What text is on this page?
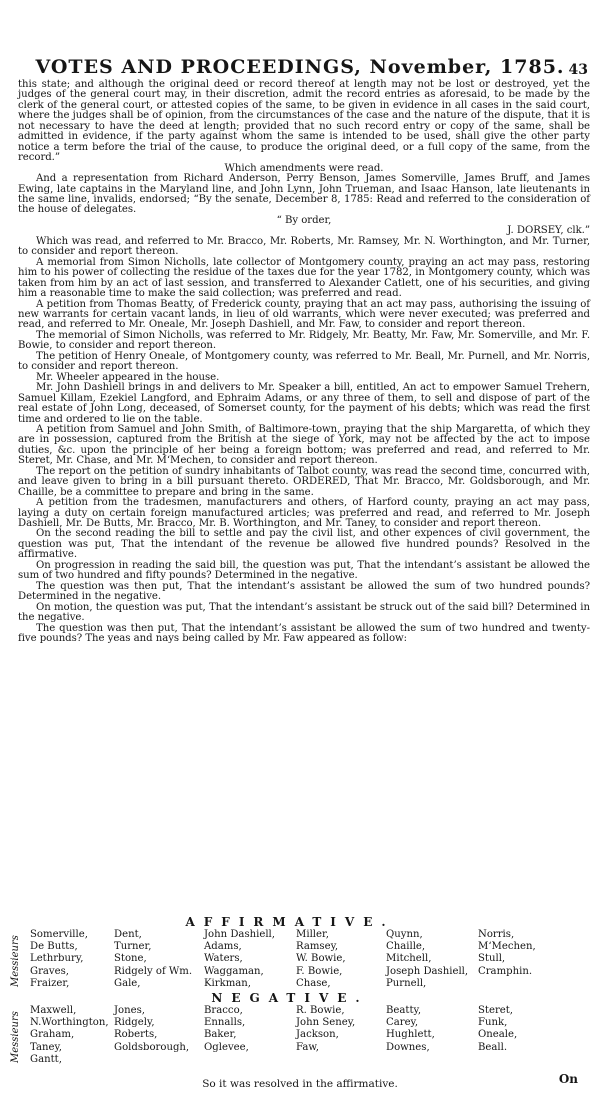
VOTES AND PROCEEDINGS, November, 1785. 43

this state; and although the original deed or record thereof at length may not be lost or destroyed, yet the judges of the general court may, in their discretion, admit the record entries as aforesaid, to be made by the clerk of the general court, or attested copies of the same, to be given in evidence in all cases in the said court, where the judges shall be of opinion, from the circumstances of the case and the nature of the dispute, that it is not necessary to have the deed at length; provided that no such record entry or copy of the same, shall be admitted in evidence, if the party against whom the same is intended to be used, shall give the other party notice a term before the trial of the cause, to produce the original deed, or a full copy of the same, from the record.”

Which amendments were read.

And a representation from Richard Anderson, Perry Benson, James Somerville, James Bruff, and James Ewing, late captains in the Maryland line, and John Lynn, John Trueman, and Isaac Hanson, late lieutenants in the same line, invalids, endorsed; “By the senate, December 8, 1785: Read and referred to the consideration of the house of delegates.

“ By order,

J. DORSEY, clk.”

Which was read, and referred to Mr. Bracco, Mr. Roberts, Mr. Ramsey, Mr. N. Worthington, and Mr. Turner, to consider and report thereon.

A memorial from Simon Nicholls, late collector of Montgomery county, praying an act may pass, restoring him to his power of collecting the residue of the taxes due for the year 1782, in Montgomery county, which was taken from him by an act of last session, and transferred to Alexander Catlett, one of his securities, and giving him a reasonable time to make the said collection; was preferred and read.

A petition from Thomas Beatty, of Frederick county, praying that an act may pass, authorising the issuing of new warrants for certain vacant lands, in lieu of old warrants, which were never executed; was preferred and read, and referred to Mr. Oneale, Mr. Joseph Dashiell, and Mr. Faw, to consider and report thereon.

The memorial of Simon Nicholls, was referred to Mr. Ridgely, Mr. Beatty, Mr. Faw, Mr. Somerville, and Mr. F. Bowie, to consider and report thereon.

The petition of Henry Oneale, of Montgomery county, was referred to Mr. Beall, Mr. Purnell, and Mr. Norris, to consider and report thereon.

Mr. Wheeler appeared in the house.

Mr. John Dashiell brings in and delivers to Mr. Speaker a bill, entitled, An act to empower Samuel Trehern, Samuel Killam, Ezekiel Langford, and Ephraim Adams, or any three of them, to sell and dispose of part of the real estate of John Long, deceased, of Somerset county, for the payment of his debts; which was read the first time and ordered to lie on the table.

A petition from Samuel and John Smith, of Baltimore-town, praying that the ship Margaretta, of which they are in possession, captured from the British at the siege of York, may not be affected by the act to impose duties, &c. upon the principle of her being a foreign bottom; was preferred and read, and referred to Mr. Steret, Mr. Chase, and Mr. M‘Mechen, to consider and report thereon.

The report on the petition of sundry inhabitants of Talbot county, was read the second time, concurred with, and leave given to bring in a bill pursuant thereto. ORDERED, That Mr. Bracco, Mr. Goldsborough, and Mr. Chaille, be a committee to prepare and bring in the same.

A petition from the tradesmen, manufacturers and others, of Harford county, praying an act may pass, laying a duty on certain foreign manufactured articles; was preferred and read, and referred to Mr. Joseph Dashiell, Mr. De Butts, Mr. Bracco, Mr. B. Worthington, and Mr. Taney, to consider and report thereon.

On the second reading the bill to settle and pay the civil list, and other expences of civil government, the question was put, That the intendant of the revenue be allowed five hundred pounds? Resolved in the affirmative.

On progression in reading the said bill, the question was put, That the intendant’s assistant be allowed the sum of two hundred and fifty pounds? Determined in the negative.

The question was then put, That the intendant’s assistant be allowed the sum of two hundred pounds? Determined in the negative.

On motion, the question was put, That the intendant’s assistant be struck out of the said bill? Determined in the negative.

The question was then put, That the intendant’s assistant be allowed the sum of two hundred and twenty-five pounds? The yeas and nays being called by Mr. Faw appeared as follow:

AFFIRMATIVE.
Messieurs
Somerville,
De Butts,
Lethrbury,
Graves,
Fraizer,
Dent,
Turner,
Stone,
Ridgely of Wm.
Gale,
John Dashiell,
Adams,
Waters,
Waggaman,
Kirkman,
Miller,
Ramsey,
W. Bowie,
F. Bowie,
Chase,
Quynn,
Chaille,
Mitchell,
Joseph Dashiell,
Purnell,
Norris,
M‘Mechen,
Stull,
Cramphin.
NEGATIVE.
Messieurs
Maxwell,
N.Worthington,
Graham,
Taney,
Gantt,
Jones,
Ridgely,
Roberts,
Goldsborough,
Bracco,
Ennalls,
Baker,
Oglevee,
R. Bowie,
John Seney,
Jackson,
Faw,
Beatty,
Carey,
Hughlett,
Downes,
Steret,
Funk,
Oneale,
Beall.
So it was resolved in the affirmative.	On
